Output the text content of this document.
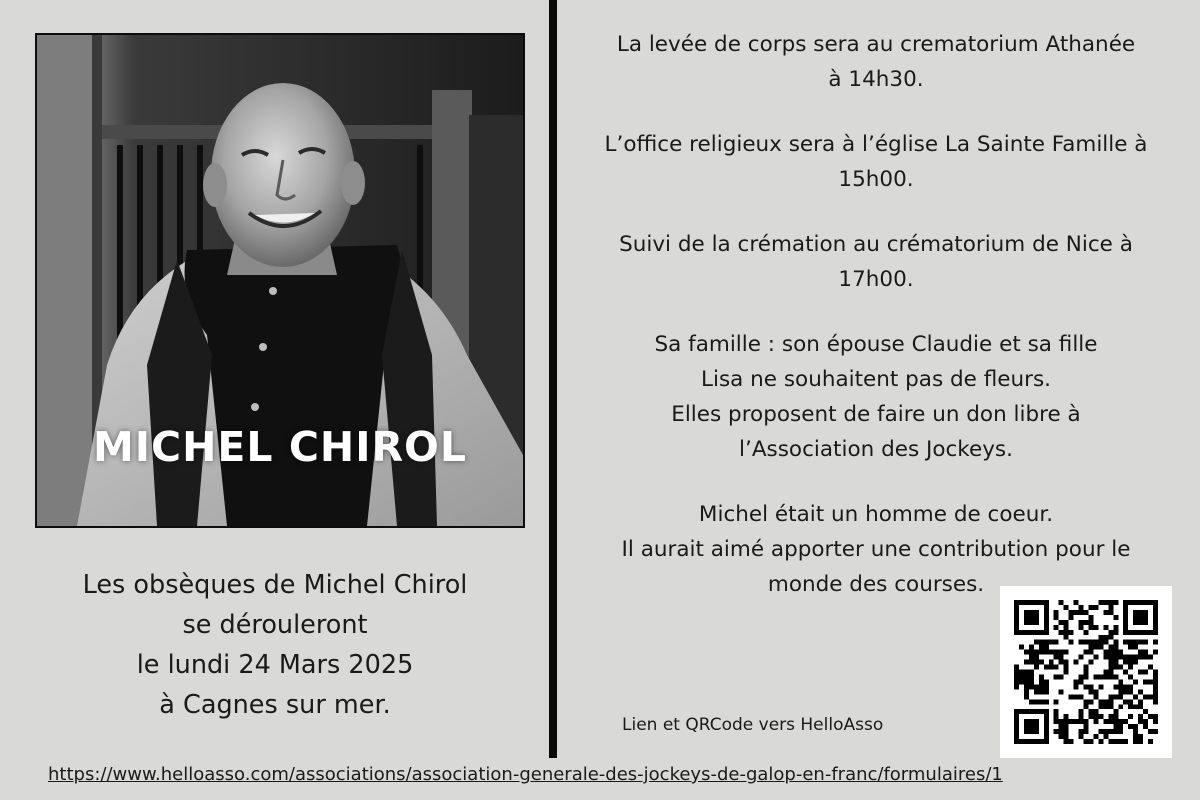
MICHEL CHIROL
Les obsèques de Michel Chirol
se dérouleront
le lundi 24 Mars 2025
à Cagnes sur mer.
La levée de corps sera au crematorium Athanée
à 14h30.
L’office religieux sera à l’église La Sainte Famille à
15h00.
Suivi de la crémation au crématorium de Nice à
17h00.
Sa famille : son épouse Claudie et sa fille
Lisa ne souhaitent pas de fleurs.
Elles proposent de faire un don libre à
l’Association des Jockeys.
Michel était un homme de coeur.
Il aurait aimé apporter une contribution pour le
monde des courses.
Lien et QRCode vers HelloAsso
https://www.helloasso.com/associations/association-generale-des-jockeys-de-galop-en-franc/formulaires/1
